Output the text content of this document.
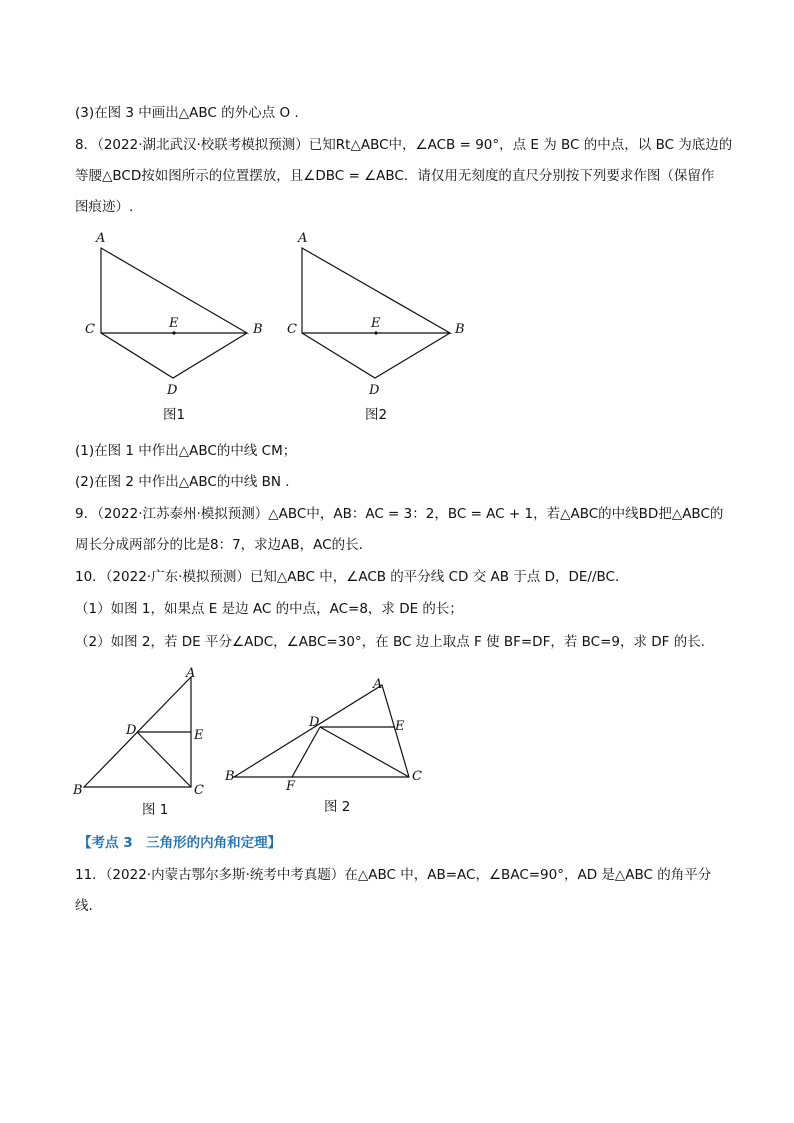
(3)在图 3 中画出△ABC 的外心点 O .
8．（2022·湖北武汉·校联考模拟预测）已知Rt△ABC中，∠ACB = 90°，点 E 为 BC 的中点，以 BC 为底边的
等腰△BCD按如图所示的位置摆放，且∠DBC = ∠ABC．请仅用无刻度的直尺分别按下列要求作图（保留作
图痕迹）.
A
C	E	B
D
图1
A
C	E	B
D
图2
(1)在图 1 中作出△ABC的中线 CM；
(2)在图 2 中作出△ABC的中线 BN .
9．（2022·江苏泰州·模拟预测）△ABC中，AB：AC = 3：2，BC = AC + 1，若△ABC的中线BD把△ABC的
周长分成两部分的比是8：7，求边AB，AC的长.
10．（2022·广东·模拟预测）已知△ABC 中，∠ACB 的平分线 CD 交 AB 于点 D，DE//BC．
（1）如图 1，如果点 E 是边 AC 的中点，AC=8，求 DE 的长；
（2）如图 2，若 DE 平分∠ADC，∠ABC=30°，在 BC 边上取点 F 使 BF=DF，若 BC=9，求 DF 的长.
A
D	E
B	C
图 1
A
D	E
B
F
C
图 2
【考点 3　三角形的内角和定理】
11．（2022·内蒙古鄂尔多斯·统考中考真题）在△ABC 中，AB=AC，∠BAC=90°，AD 是△ABC 的角平分
线.
